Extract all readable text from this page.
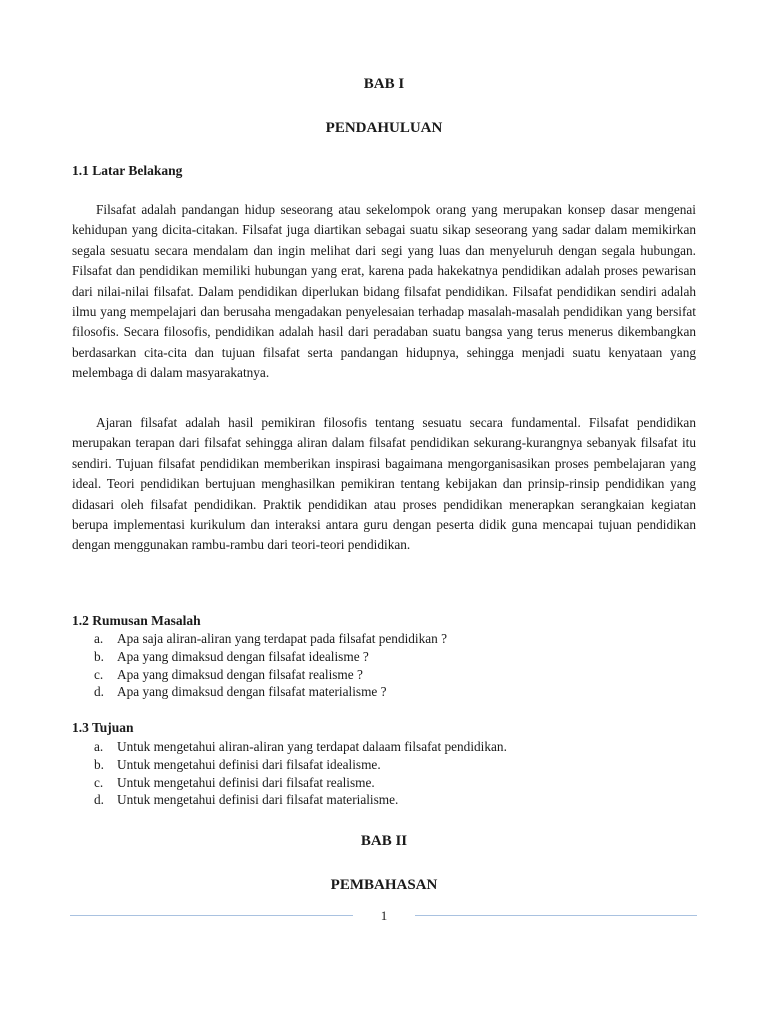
BAB I
PENDAHULUAN
1.1 Latar Belakang

Filsafat adalah pandangan hidup seseorang atau sekelompok orang yang merupakan konsep dasar mengenai kehidupan yang dicita-citakan. Filsafat juga diartikan sebagai suatu sikap seseorang yang sadar dalam memikirkan segala sesuatu secara mendalam dan ingin melihat dari segi yang luas dan menyeluruh dengan segala hubungan. Filsafat dan pendidikan memiliki hubungan yang erat, karena pada hakekatnya pendidikan adalah proses pewarisan dari nilai-nilai filsafat. Dalam pendidikan diperlukan bidang filsafat pendidikan. Filsafat pendidikan sendiri adalah ilmu yang mempelajari dan berusaha mengadakan penyelesaian terhadap masalah-masalah pendidikan yang bersifat filosofis. Secara filosofis, pendidikan adalah hasil dari peradaban suatu bangsa yang terus menerus dikembangkan berdasarkan cita-cita dan tujuan filsafat serta pandangan hidupnya, sehingga menjadi suatu kenyataan yang melembaga di dalam masyarakatnya.

Ajaran filsafat adalah hasil pemikiran filosofis tentang sesuatu secara fundamental. Filsafat pendidikan merupakan terapan dari filsafat sehingga aliran dalam filsafat pendidikan sekurang-kurangnya sebanyak filsafat itu sendiri. Tujuan filsafat pendidikan memberikan inspirasi bagaimana mengorganisasikan proses pembelajaran yang ideal. Teori pendidikan bertujuan menghasilkan pemikiran tentang kebijakan dan prinsip-rinsip pendidikan yang didasari oleh filsafat pendidikan. Praktik pendidikan atau proses pendidikan menerapkan serangkaian kegiatan berupa implementasi kurikulum dan interaksi antara guru dengan peserta didik guna mencapai tujuan pendidikan dengan menggunakan rambu-rambu dari teori-teori pendidikan.

1.2 Rumusan Masalah
a. Apa saja aliran-aliran yang terdapat pada filsafat pendidikan ?
b. Apa yang dimaksud dengan filsafat idealisme ?
c. Apa yang dimaksud dengan filsafat realisme ?
d. Apa yang dimaksud dengan filsafat materialisme ?
1.3 Tujuan
a. Untuk mengetahui aliran-aliran yang terdapat dalaam filsafat pendidikan.
b. Untuk mengetahui definisi dari filsafat idealisme.
c. Untuk mengetahui definisi dari filsafat realisme.
d. Untuk mengetahui definisi dari filsafat materialisme.
BAB II
PEMBAHASAN
1
